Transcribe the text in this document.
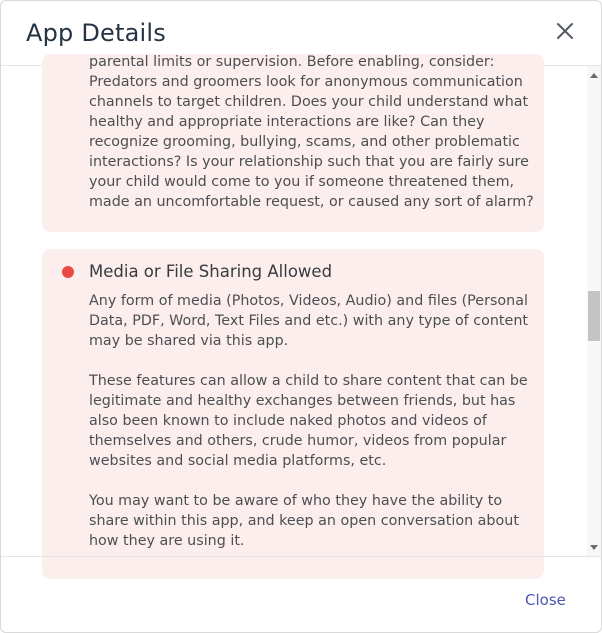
App Details
parental limits or supervision. Before enabling, consider:
Predators and groomers look for anonymous communication
channels to target children. Does your child understand what
healthy and appropriate interactions are like? Can they
recognize grooming, bullying, scams, and other problematic
interactions? Is your relationship such that you are fairly sure
your child would come to you if someone threatened them,
made an uncomfortable request, or caused any sort of alarm?
Media or File Sharing Allowed
Any form of media (Photos, Videos, Audio) and files (Personal
Data, PDF, Word, Text Files and etc.) with any type of content
may be shared via this app.

These features can allow a child to share content that can be
legitimate and healthy exchanges between friends, but has
also been known to include naked photos and videos of
themselves and others, crude humor, videos from popular
websites and social media platforms, etc.

You may want to be aware of who they have the ability to
share within this app, and keep an open conversation about
how they are using it.
Close
